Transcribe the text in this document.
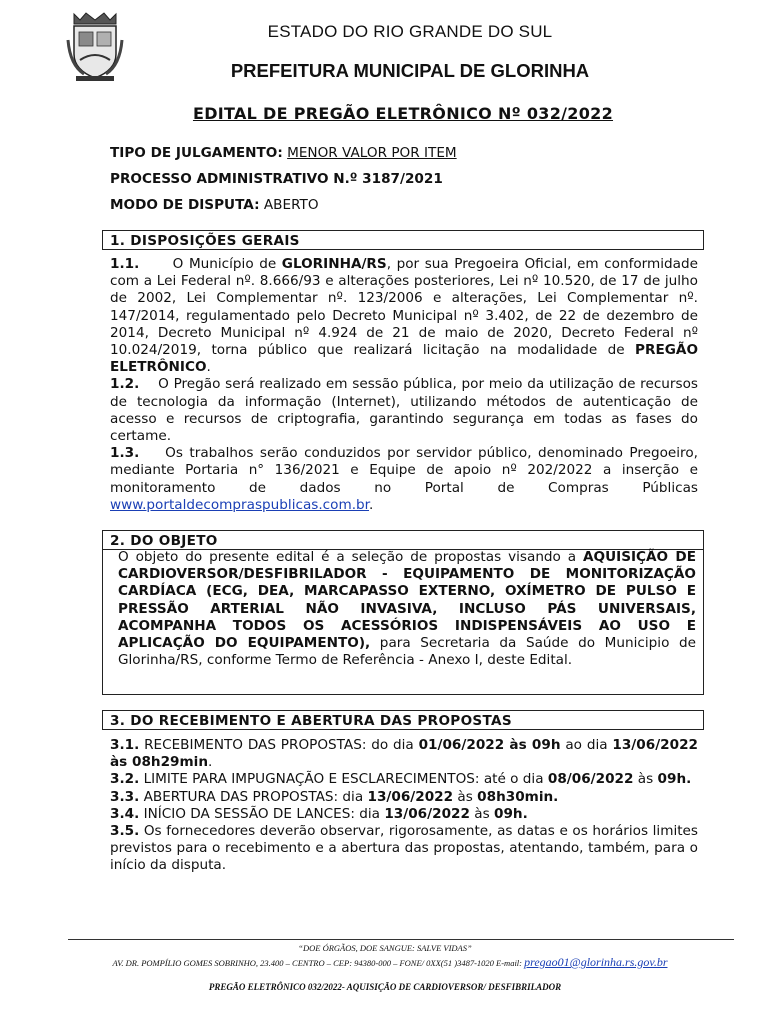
ESTADO DO RIO GRANDE DO SUL
PREFEITURA MUNICIPAL DE GLORINHA
EDITAL DE PREGÃO ELETRÔNICO Nº 032/2022
TIPO DE JULGAMENTO: MENOR VALOR POR ITEM
PROCESSO ADMINISTRATIVO N.º 3187/2021
MODO DE DISPUTA: ABERTO
1. DISPOSIÇÕES GERAIS
1.1. O Município de GLORINHA/RS, por sua Pregoeira Oficial, em conformidade com a Lei Federal nº. 8.666/93 e alterações posteriores, Lei nº 10.520, de 17 de julho de 2002, Lei Complementar nº. 123/2006 e alterações, Lei Complementar nº. 147/2014, regulamentado pelo Decreto Municipal nº 3.402, de 22 de dezembro de 2014, Decreto Municipal nº 4.924 de 21 de maio de 2020, Decreto Federal nº 10.024/2019, torna público que realizará licitação na modalidade de PREGÃO ELETRÔNICO.
1.2. O Pregão será realizado em sessão pública, por meio da utilização de recursos de tecnologia da informação (Internet), utilizando métodos de autenticação de acesso e recursos de criptografia, garantindo segurança em todas as fases do certame.
1.3. Os trabalhos serão conduzidos por servidor público, denominado Pregoeiro, mediante Portaria n° 136/2021 e Equipe de apoio nº 202/2022 a inserção e monitoramento de dados no Portal de Compras Públicas www.portaldecompraspublicas.com.br.
2. DO OBJETO
O objeto do presente edital é a seleção de propostas visando a AQUISIÇÃO DE CARDIOVERSOR/DESFIBRILADOR - EQUIPAMENTO DE MONITORIZAÇÃO CARDÍACA (ECG, DEA, MARCAPASSO EXTERNO, OXÍMETRO DE PULSO E PRESSÃO ARTERIAL NÃO INVASIVA, INCLUSO PÁS UNIVERSAIS, ACOMPANHA TODOS OS ACESSÓRIOS INDISPENSÁVEIS AO USO E APLICAÇÃO DO EQUIPAMENTO), para Secretaria da Saúde do Municipio de Glorinha/RS, conforme Termo de Referência - Anexo I, deste Edital.
3. DO RECEBIMENTO E ABERTURA DAS PROPOSTAS
3.1. RECEBIMENTO DAS PROPOSTAS: do dia 01/06/2022 às 09h ao dia 13/06/2022 às 08h29min.
3.2. LIMITE PARA IMPUGNAÇÃO E ESCLARECIMENTOS: até o dia 08/06/2022 às 09h.
3.3. ABERTURA DAS PROPOSTAS: dia 13/06/2022 às 08h30min.
3.4. INÍCIO DA SESSÃO DE LANCES: dia 13/06/2022 às 09h.
3.5. Os fornecedores deverão observar, rigorosamente, as datas e os horários limites previstos para o recebimento e a abertura das propostas, atentando, também, para o início da disputa.
“DOE ÓRGÃOS, DOE SANGUE: SALVE VIDAS”
AV. DR. POMPÍLIO GOMES SOBRINHO, 23.400 – CENTRO – CEP: 94380-000 – FONE/ 0XX(51 )3487-1020 E-mail: pregao01@glorinha.rs.gov.br
PREGÃO ELETRÔNICO 032/2022- AQUISIÇÃO DE CARDIOVERSOR/ DESFIBRILADOR
